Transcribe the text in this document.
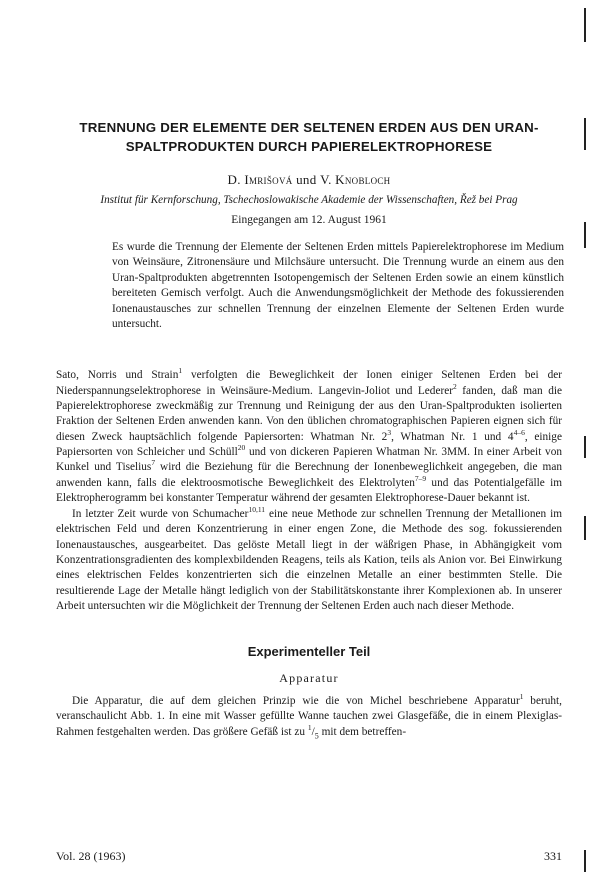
TRENNUNG DER ELEMENTE DER SELTENEN ERDEN AUS DEN URAN-
SPALTPRODUKTEN DURCH PAPIERELEKTROPHORESE
D. Imrišová und V. Knobloch
Institut für Kernforschung, Tschechoslowakische Akademie der Wissenschaften, Řež bei Prag
Eingegangen am 12. August 1961
Es wurde die Trennung der Elemente der Seltenen Erden mittels Papierelektrophorese im Medium von Weinsäure, Zitronensäure und Milchsäure untersucht. Die Trennung wurde an einem aus den Uran-Spaltprodukten abgetrennten Isotopengemisch der Seltenen Erden sowie an einem künstlich bereiteten Gemisch verfolgt. Auch die Anwendungsmöglichkeit der Methode des fokussierenden Ionenaustausches zur schnellen Trennung der einzelnen Elemente der Seltenen Erden wurde untersucht.

Sato, Norris und Strain$^1$ verfolgten die Beweglichkeit der Ionen einiger Seltenen Erden bei der Niederspannungselektrophorese in Weinsäure-Medium. Langevin-Joliot und Lederer$^2$ fanden, daß man die Papierelektrophorese zweckmäßig zur Trennung und Reinigung der aus den Uran-Spaltprodukten isolierten Fraktion der Seltenen Erden anwenden kann. Von den üblichen chromatographischen Papieren eignen sich für diesen Zweck hauptsächlich folgende Papiersorten: Whatman Nr. $2^3$, Whatman Nr. 1 und 4$^{4-6}$, einige Papiersorten von Schleicher und Schüll$^{20}$ und von dickeren Papieren Whatman Nr. 3MM. In einer Arbeit von Kunkel und Tiselius$^7$ wird die Beziehung für die Berechnung der Ionenbeweglichkeit angegeben, die man anwenden kann, falls die elektroosmotische Beweglichkeit des Elektrolyten$^{7-9}$ und das Potentialgefälle im Elektropherogramm bei konstanter Temperatur während der gesamten Elektrophorese-Dauer bekannt ist.

In letzter Zeit wurde von Schumacher$^{10,11}$ eine neue Methode zur schnellen Trennung der Metallionen im elektrischen Feld und deren Konzentrierung in einer engen Zone, die Methode des sog. fokussierenden Ionenaustausches, ausgearbeitet. Das gelöste Metall liegt in der wäßrigen Phase, in Abhängigkeit vom Konzentrationsgradienten des komplexbildenden Reagens, teils als Kation, teils als Anion vor. Bei Einwirkung eines elektrischen Feldes konzentrierten sich die einzelnen Metalle an einer bestimmten Stelle. Die resultierende Lage der Metalle hängt lediglich von der Stabilitätskonstante ihrer Komplexionen ab. In unserer Arbeit untersuchten wir die Möglichkeit der Trennung der Seltenen Erden auch nach dieser Methode.

Experimenteller Teil
Apparatur

Die Apparatur, die auf dem gleichen Prinzip wie die von Michel beschriebene Apparatur$^1$ beruht, veranschaulicht Abb. 1. In eine mit Wasser gefüllte Wanne tauchen zwei Glasgefäße, die in einem Plexiglas-Rahmen festgehalten werden. Das größere Gefäß ist zu $^1/_5$ mit dem betreffen-

Vol. 28 (1963)	331
